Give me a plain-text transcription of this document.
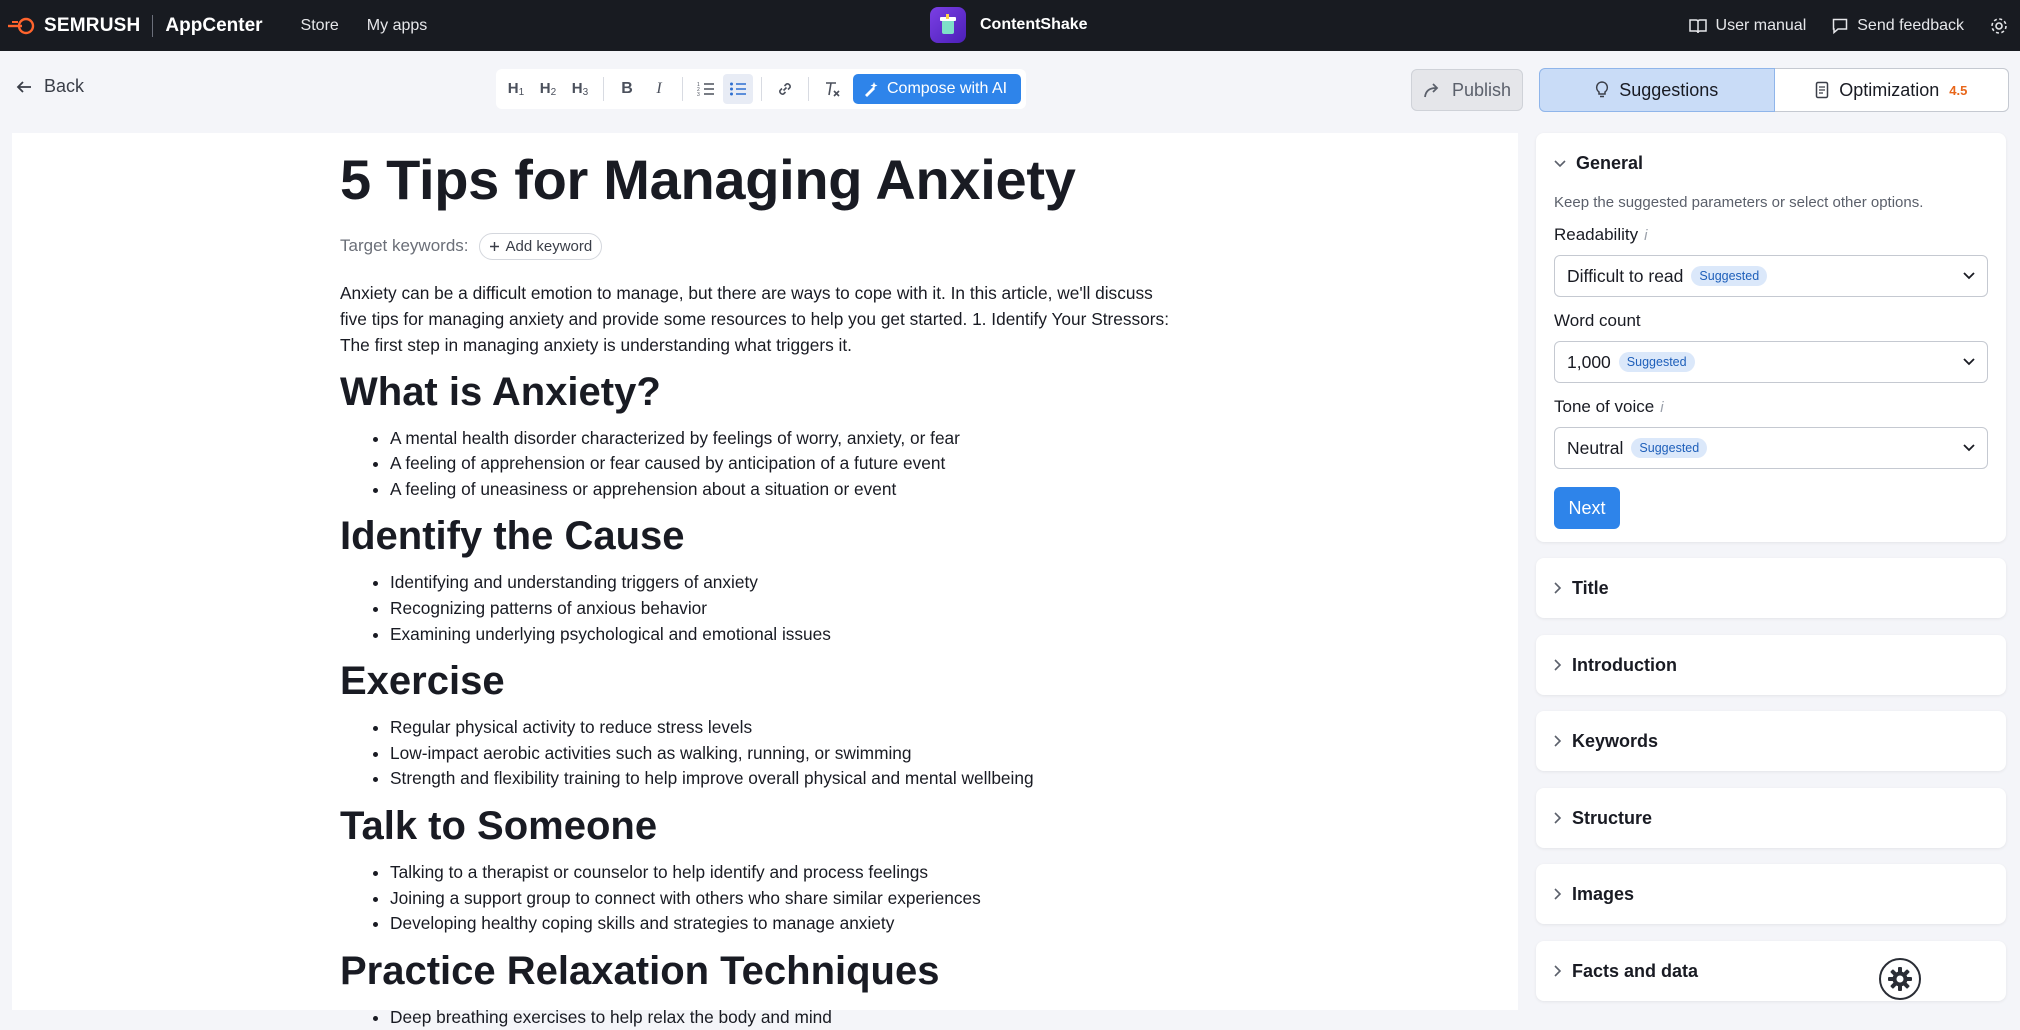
SEMRUSH AppCenter Store My apps	ContentShake	User manual	Send feedback
Back	$H_1$ $H_2$ $H_3$ B I	1
2
3	Compose with AI	Publish	Suggestions	Optimization 4.5
5 Tips for Managing Anxiety
Target keywords: Add keyword

Anxiety can be a difficult emotion to manage, but there are ways to cope with it. In this article, we'll discuss five tips for managing anxiety and provide some resources to help you get started. 1. Identify Your Stressors: The first step in managing anxiety is understanding what triggers it.

What is Anxiety?
• A mental health disorder characterized by feelings of worry, anxiety, or fear
• A feeling of apprehension or fear caused by anticipation of a future event
• A feeling of uneasiness or apprehension about a situation or event
Identify the Cause
• Identifying and understanding triggers of anxiety
• Recognizing patterns of anxious behavior
• Examining underlying psychological and emotional issues
Exercise
• Regular physical activity to reduce stress levels
• Low-impact aerobic activities such as walking, running, or swimming
• Strength and flexibility training to help improve overall physical and mental wellbeing
Talk to Someone
• Talking to a therapist or counselor to help identify and process feelings
• Joining a support group to connect with others who share similar experiences
• Developing healthy coping skills and strategies to manage anxiety
Practice Relaxation Techniques
• Deep breathing exercises to help relax the body and mind
General
Keep the suggested parameters or select other options.
Readability i
Difficult to read	Suggested
Word count
1,000	Suggested
Tone of voice i
Neutral	Suggested
Next
Title
Introduction
Keywords
Structure
Images
Facts and data
